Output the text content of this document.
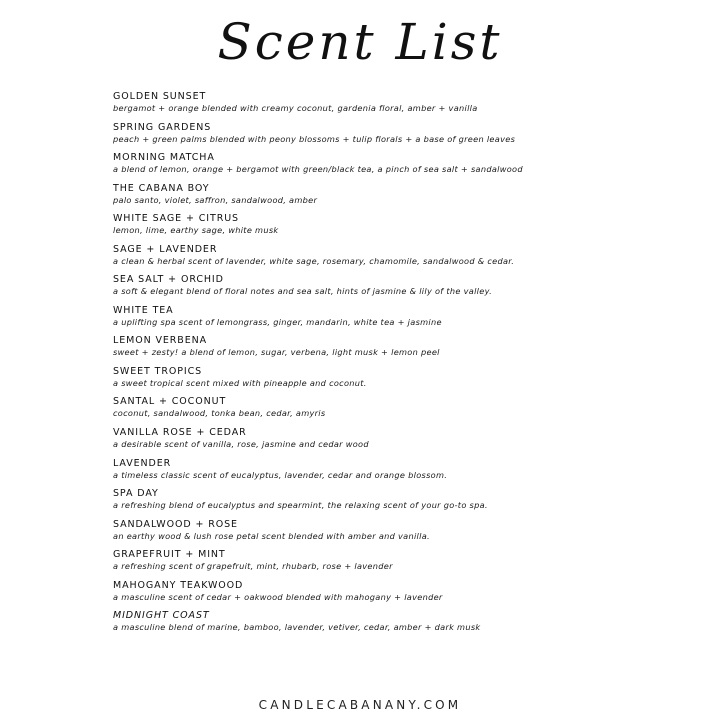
Scent List
GOLDEN SUNSET
bergamot + orange blended with creamy coconut, gardenia floral, amber + vanilla
SPRING GARDENS
peach + green palms blended with peony blossoms + tulip florals + a base of green leaves
MORNING MATCHA
a blend of lemon, orange + bergamot with green/black tea, a pinch of sea salt + sandalwood
THE CABANA BOY
palo santo, violet, saffron, sandalwood, amber
WHITE SAGE + CITRUS
lemon, lime, earthy sage, white musk
SAGE + LAVENDER
a clean & herbal scent of lavender, white sage, rosemary, chamomile, sandalwood & cedar.
SEA SALT + ORCHID
a soft & elegant blend of floral notes and sea salt, hints of jasmine & lily of the valley.
WHITE TEA
a uplifting spa scent of lemongrass, ginger, mandarin, white tea + jasmine
LEMON VERBENA
sweet + zesty! a blend of lemon, sugar, verbena, light musk + lemon peel
SWEET TROPICS
a sweet tropical scent mixed with pineapple and coconut.
SANTAL + COCONUT
coconut, sandalwood, tonka bean, cedar, amyris
VANILLA ROSE + CEDAR
a desirable scent of vanilla, rose, jasmine and cedar wood
LAVENDER
a timeless classic scent of eucalyptus, lavender, cedar and orange blossom.
SPA DAY
a refreshing blend of eucalyptus and spearmint, the relaxing scent of your go-to spa.
SANDALWOOD + ROSE
an earthy wood & lush rose petal scent blended with amber and vanilla.
GRAPEFRUIT + MINT
a refreshing scent of grapefruit, mint, rhubarb, rose + lavender
MAHOGANY TEAKWOOD
a masculine scent of cedar + oakwood blended with mahogany + lavender
MIDNIGHT COAST
a masculine blend of marine, bamboo, lavender, vetiver, cedar, amber + dark musk
CANDLECABANANY.COM
